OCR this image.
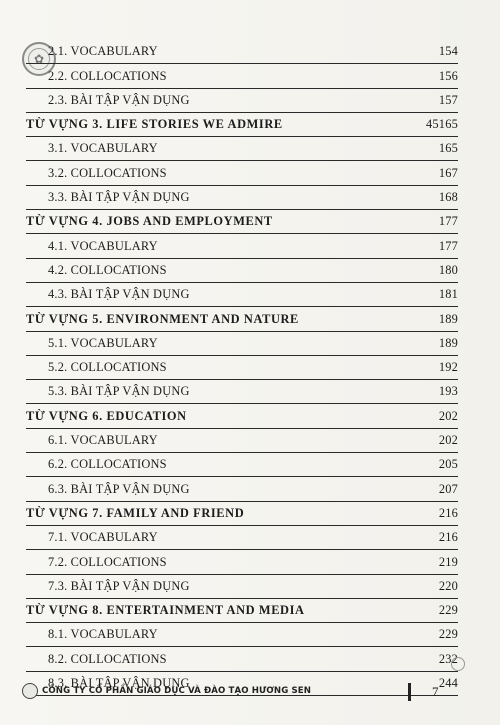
✿
2.1. VOCABULARY	154
2.2. COLLOCATIONS	156
2.3. BÀI TẬP VẬN DỤNG	157
TỪ VỰNG 3. LIFE STORIES WE ADMIRE	45165
3.1. VOCABULARY	165
3.2. COLLOCATIONS	167
3.3. BÀI TẬP VẬN DỤNG	168
TỪ VỰNG 4. JOBS AND EMPLOYMENT	177
4.1. VOCABULARY	177
4.2. COLLOCATIONS	180
4.3. BÀI TẬP VẬN DỤNG	181
TỪ VỰNG 5. ENVIRONMENT AND NATURE	189
5.1. VOCABULARY	189
5.2. COLLOCATIONS	192
5.3. BÀI TẬP VẬN DỤNG	193
TỪ VỰNG 6. EDUCATION	202
6.1. VOCABULARY	202
6.2. COLLOCATIONS	205
6.3. BÀI TẬP VẬN DỤNG	207
TỪ VỰNG 7. FAMILY AND FRIEND	216
7.1. VOCABULARY	216
7.2. COLLOCATIONS	219
7.3. BÀI TẬP VẬN DỤNG	220
TỪ VỰNG 8. ENTERTAINMENT AND MEDIA	229
8.1. VOCABULARY	229
8.2. COLLOCATIONS	232
8.3. BÀI TẬP VẬN DỤNG	244
CÔNG TY CỔ PHẦN GIÁO DỤC VÀ ĐÀO TẠO HƯƠNG SEN	7
